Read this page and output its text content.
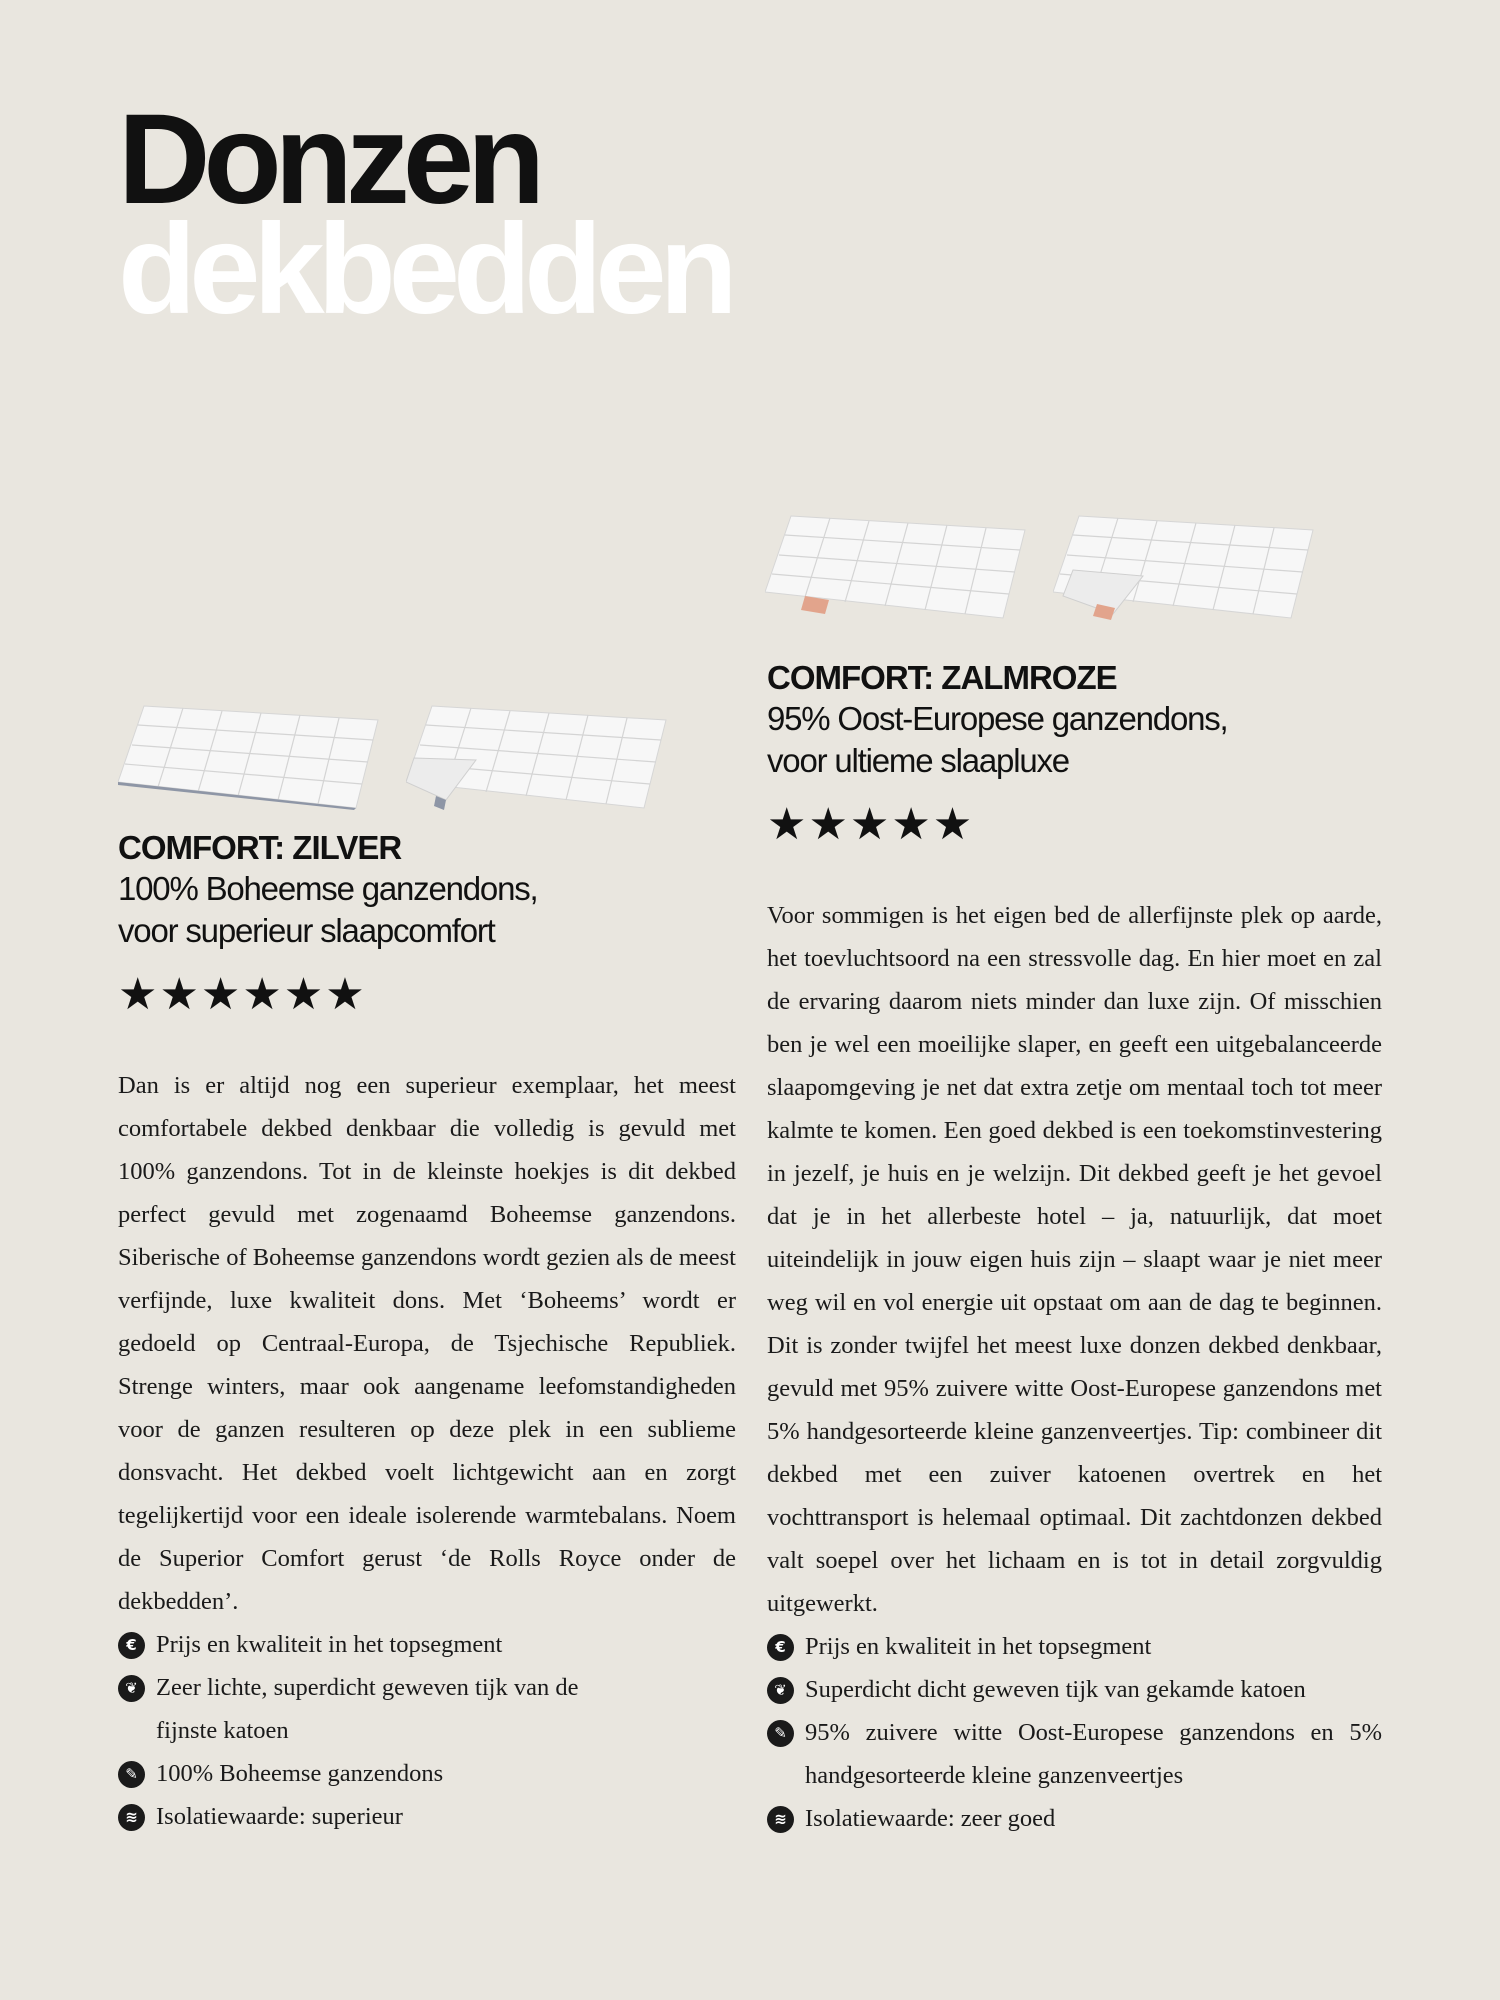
Donzen
dekbedden
COMFORT: ZILVER

100% Boheemse ganzendons,

voor superieur slaapcomfort

★★★★★★

Dan is er altijd nog een superieur exemplaar, het meest comfortabele dekbed denkbaar die volledig is gevuld met 100% ganzendons. Tot in de kleinste hoekjes is dit dekbed perfect gevuld met zogenaamd Boheemse ganzendons. Siberische of Boheemse ganzendons wordt gezien als de meest verfijnde, luxe kwaliteit dons. Met ‘Boheems’ wordt er gedoeld op Centraal-Europa, de Tsjechische Republiek. Strenge winters, maar ook aangename leefomstandigheden voor de ganzen resulteren op deze plek in een sublieme donsvacht. Het dekbed voelt lichtgewicht aan en zorgt tegelijkertijd voor een ideale isolerende warmtebalans. Noem de Superior Comfort gerust ‘de Rolls Royce onder de dekbedden’.

€ Prijs en kwaliteit in het topsegment
❦ Zeer lichte, superdicht geweven tijk van de fijnste katoen
✎ 100% Boheemse ganzendons
≋ Isolatiewaarde: superieur
COMFORT: ZALMROZE

95% Oost-Europese ganzendons,

voor ultieme slaapluxe

★★★★★

Voor sommigen is het eigen bed de allerfijnste plek op aarde, het toevluchtsoord na een stressvolle dag. En hier moet en zal de ervaring daarom niets minder dan luxe zijn. Of misschien ben je wel een moeilijke slaper, en geeft een uitgebalanceerde slaapomgeving je net dat extra zetje om mentaal toch tot meer kalmte te komen. Een goed dekbed is een toekomstinvestering in jezelf, je huis en je welzijn. Dit dekbed geeft je het gevoel dat je in het allerbeste hotel – ja, natuurlijk, dat moet uiteindelijk in jouw eigen huis zijn – slaapt waar je niet meer weg wil en vol energie uit opstaat om aan de dag te beginnen. Dit is zonder twijfel het meest luxe donzen dekbed denkbaar, gevuld met 95% zuivere witte Oost-Europese ganzendons met 5% handgesorteerde kleine ganzenveertjes. Tip: combineer dit dekbed met een zuiver katoenen overtrek en het vochttransport is helemaal optimaal. Dit zachtdonzen dekbed valt soepel over het lichaam en is tot in detail zorgvuldig uitgewerkt.

€ Prijs en kwaliteit in het topsegment
❦ Superdicht dicht geweven tijk van gekamde katoen
✎ 95% zuivere witte Oost-Europese ganzendons en 5% handgesorteerde kleine ganzenveertjes
≋ Isolatiewaarde: zeer goed
